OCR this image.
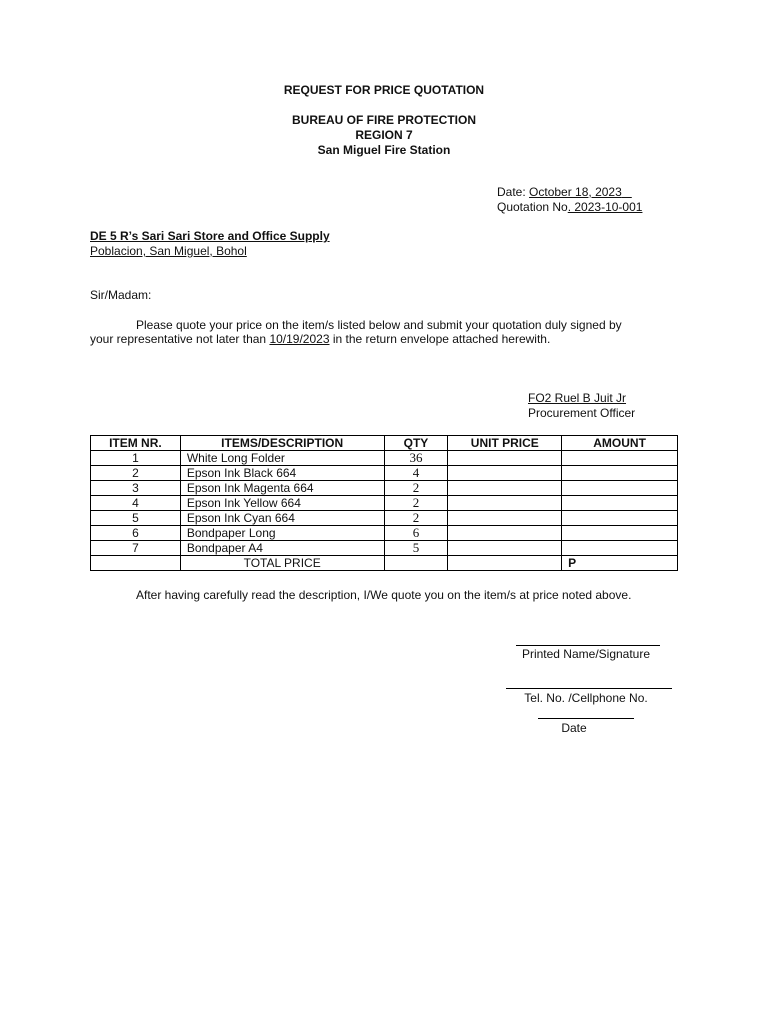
REQUEST FOR PRICE QUOTATION
BUREAU OF FIRE PROTECTION
REGION 7
San Miguel Fire Station
Date: October 18, 2023
Quotation No. 2023-10-001
DE 5 R’s Sari Sari Store and Office Supply
Poblacion, San Miguel, Bohol
Sir/Madam:
Please quote your price on the item/s listed below and submit your quotation duly signed by
your representative not later than 10/19/2023 in the return envelope attached herewith.
FO2 Ruel B Juit Jr
Procurement Officer
ITEM NR.	ITEMS/DESCRIPTION	QTY	UNIT PRICE	AMOUNT
1	White Long Folder	36		
2	Epson Ink Black 664	4		
3	Epson Ink Magenta 664	2		
4	Epson Ink Yellow 664	2		
5	Epson Ink Cyan 664	2		
6	Bondpaper Long	6		
7	Bondpaper A4	5		
	TOTAL PRICE			P
After having carefully read the description, I/We quote you on the item/s at price noted above.
Printed Name/Signature
Tel. No. /Cellphone No.
Date
